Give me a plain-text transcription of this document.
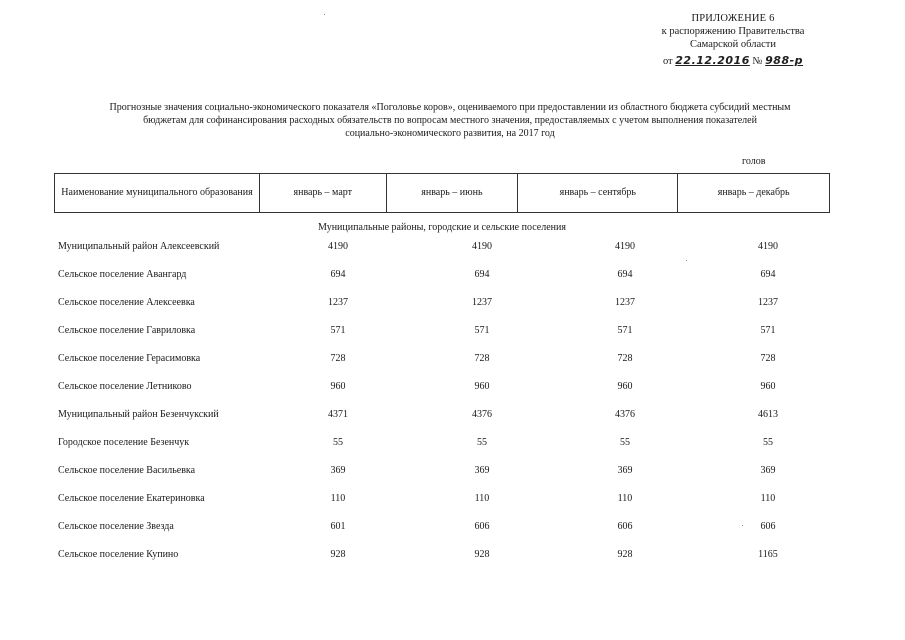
ПРИЛОЖЕНИЕ 6
к распоряжению Правительства
Самарской области
от 22.12.2016 № 988-р
Прогнозные значения социально-экономического показателя «Поголовье коров», оцениваемого при предоставлении из областного бюджета субсидий местным
бюджетам для софинансирования расходных обязательств по вопросам местного значения, предоставляемых с учетом выполнения показателей
социально-экономического развития, на 2017 год
голов
Наименование муниципального образования	январь – март	январь – июнь	январь – сентябрь	январь – декабрь
Муниципальные районы, городские и сельские поселения
Муниципальный район Алексеевский	4190	4190	4190	4190
Сельское поселение Авангард	694	694	694	694
Сельское поселение Алексеевка	1237	1237	1237	1237
Сельское поселение Гавриловка	571	571	571	571
Сельское поселение Герасимовка	728	728	728	728
Сельское поселение Летниково	960	960	960	960
Муниципальный район Безенчукский	4371	4376	4376	4613
Городское поселение Безенчук	55	55	55	55
Сельское поселение Васильевка	369	369	369	369
Сельское поселение Екатериновка	110	110	110	110
Сельское поселение Звезда	601	606	606	606
Сельское поселение Купино	928	928	928	1165
